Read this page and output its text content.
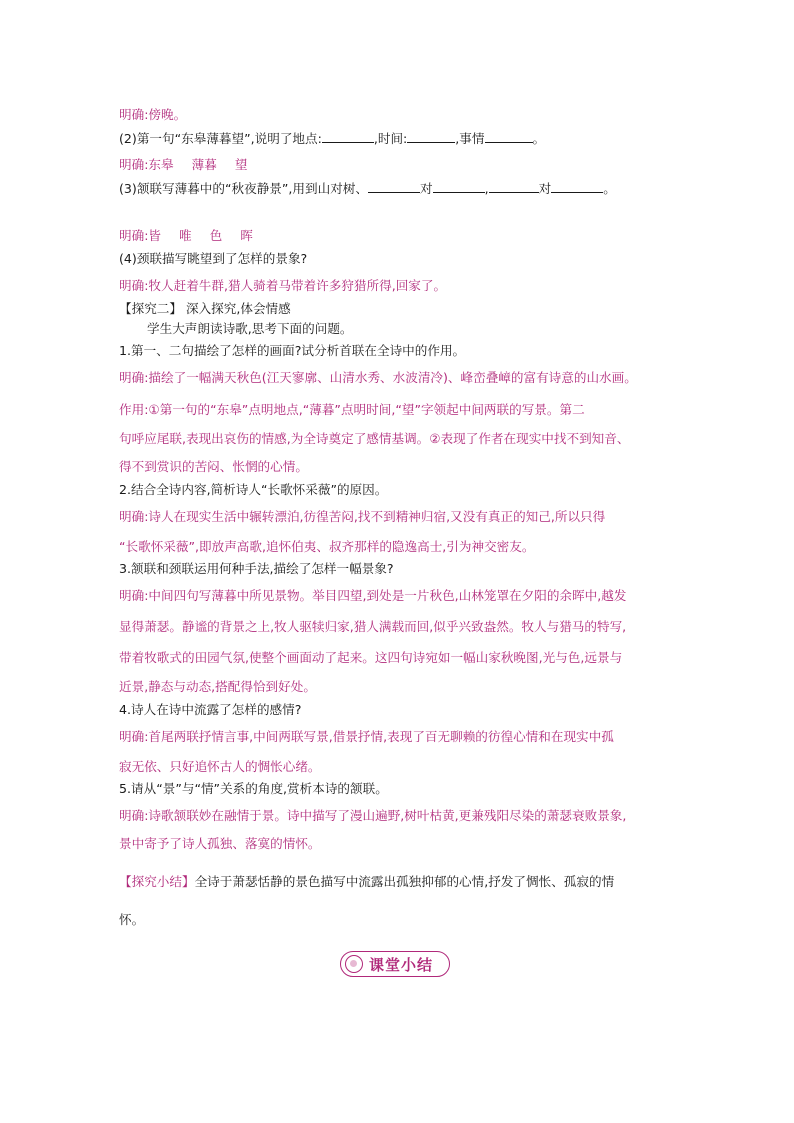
明确:傍晚。
(2)第一句“东皋薄暮望”,说明了地点:	,时间:	,事情	。
明确:东皋 薄暮 望
(3)颔联写薄暮中的“秋夜静景”,用到山对树、	对	,	对	。
明确:皆 唯 色 晖
(4)颈联描写眺望到了怎样的景象?
明确:牧人赶着牛群,猎人骑着马带着许多狩猎所得,回家了。
【探究二】 深入探究,体会情感
学生大声朗读诗歌,思考下面的问题。
1.第一、二句描绘了怎样的画面?试分析首联在全诗中的作用。
明确:描绘了一幅满天秋色(江天寥廓、山清水秀、水波清冷)、峰峦叠嶂的富有诗意的山水画。
作用:①第一句的“东皋”点明地点,“薄暮”点明时间,“望”字领起中间两联的写景。第二
句呼应尾联,表现出哀伤的情感,为全诗奠定了感情基调。②表现了作者在现实中找不到知音、
得不到赏识的苦闷、怅惘的心情。
2.结合全诗内容,简析诗人“长歌怀采薇”的原因。
明确:诗人在现实生活中辗转漂泊,彷徨苦闷,找不到精神归宿,又没有真正的知己,所以只得
“长歌怀采薇”,即放声高歌,追怀伯夷、叔齐那样的隐逸高士,引为神交密友。
3.颔联和颈联运用何种手法,描绘了怎样一幅景象?
明确:中间四句写薄暮中所见景物。举目四望,到处是一片秋色,山林笼罩在夕阳的余晖中,越发
显得萧瑟。静谧的背景之上,牧人驱犊归家,猎人满载而回,似乎兴致盎然。牧人与猎马的特写,
带着牧歌式的田园气氛,使整个画面动了起来。这四句诗宛如一幅山家秋晚图,光与色,远景与
近景,静态与动态,搭配得恰到好处。
4.诗人在诗中流露了怎样的感情?
明确:首尾两联抒情言事,中间两联写景,借景抒情,表现了百无聊赖的彷徨心情和在现实中孤
寂无依、只好追怀古人的惆怅心绪。
5.请从“景”与“情”关系的角度,赏析本诗的颔联。
明确:诗歌颔联妙在融情于景。诗中描写了漫山遍野,树叶枯黄,更兼残阳尽染的萧瑟衰败景象,
景中寄予了诗人孤独、落寞的情怀。
【探究小结】全诗于萧瑟恬静的景色描写中流露出孤独抑郁的心情,抒发了惆怅、孤寂的情
怀。
课堂小结
